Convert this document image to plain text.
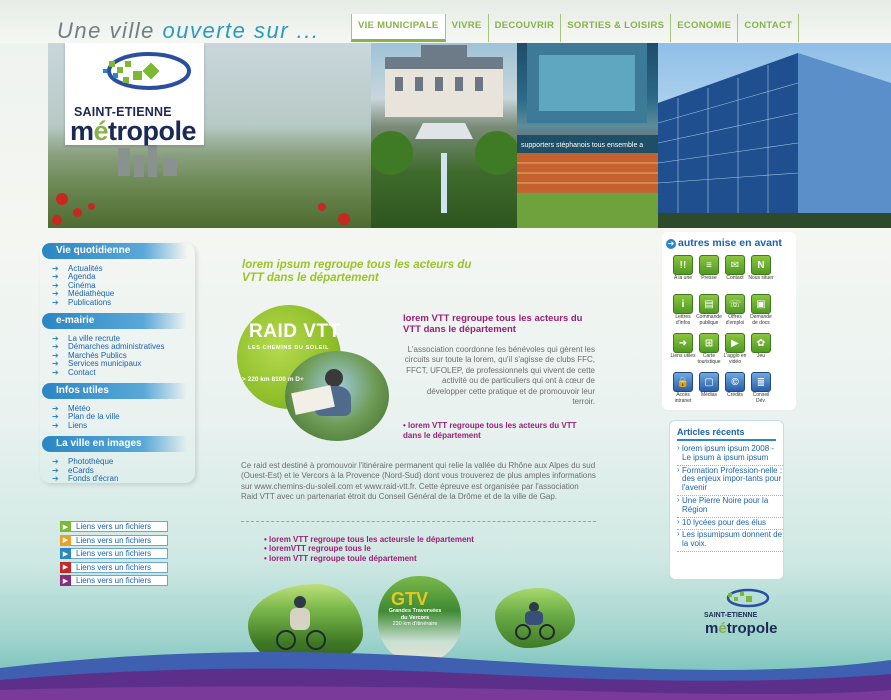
Une ville ouverte sur ...	VIE MUNICIPALE	VIVRE	DECOUVRIR	SORTIES & LOISIRS	ECONOMIE	CONTACT
supporters stéphanois tous ensemble a
SAINT-ETIENNE
métropole
Vie quotidienne
➔	Actualités
➔	Agenda
➔	Cinéma
➔	Médiathèque
➔	Publications
e-mairie
➔	La ville recrute
➔	Démarches administratives
➔	Marchés Publics
➔	Services municipaux
➔	Contact
Infos utiles
➔	Météo
➔	Plan de la ville
➔	Liens
La ville en images
➔	Photothèque
➔	eCards
➔	Fonds d'écran
▶ Liens vers un fichiers
▶ Liens vers un fichiers
▶ Liens vers un fichiers
▶ Liens vers un fichiers
▶ Liens vers un fichiers
lorem ipsum regroupe tous les acteurs du VTT dans le département
RAID VTT
LES CHEMINS DU SOLEIL
> 220 km 8100 m D+
lorem VTT regroupe tous les acteurs du VTT dans le département
L'association coordonne les bénévoles qui gèrent les circuits sur toute la lorem, qu'il s'agisse de clubs FFC, FFCT, UFOLEP, de professionnels qui vivent de cette activité ou de particuliers qui ont à cœur de développer cette pratique et de promouvoir leur terroir.
• lorem VTT regroupe tous les acteurs du VTT dans le département
Ce raid est destiné à promouvoir l'itinéraire permanent qui relie la vallée du Rhône aux Alpes du sud (Ouest-Est) et le Vercors à la Provence (Nord-Sud) dont vous trouverez de plus amples informations sur www.chemins-du-soleil.com et www.raid-vtt.fr. Cette épreuve est organisée par l'association Raid VTT avec un partenariat étroit du Conseil Général de la Drôme et de la ville de Gap.
• lorem VTT regroupe tous les acteursle le département
• loremVTT regroupe tous le
• lorem VTT regroupe toule département
GTV
Grandes Traversées du Vercors
230 km d'itinéraire
➜ autres mise en avant
!!
A la une
≡
Presse
✉
Contact
N
Nous situer
i
Lettres d'infos
▤
Commande publique
☏
Offres d'emploi
▣
Demande de docs
➜
Liens utiles
⊞
Carte touristique
▶
L'agglo en vidéo
✿
Jeu
🔒
Accès intranet
▢
Médias
©
Crédits
≣
Conseil Dév.
Articles récents
› lorem ipsum ipsum 2008 - Le ipsum à ipsum ipsum
› Formation Profession-nelle : des enjeux impor-tants pour l'avenir
› Une Pierre Noire pour la Région
› 10 lycées pour des élus
› Les ipsumipsum donnent de la voix.
SAINT-ETIENNE
métropole
